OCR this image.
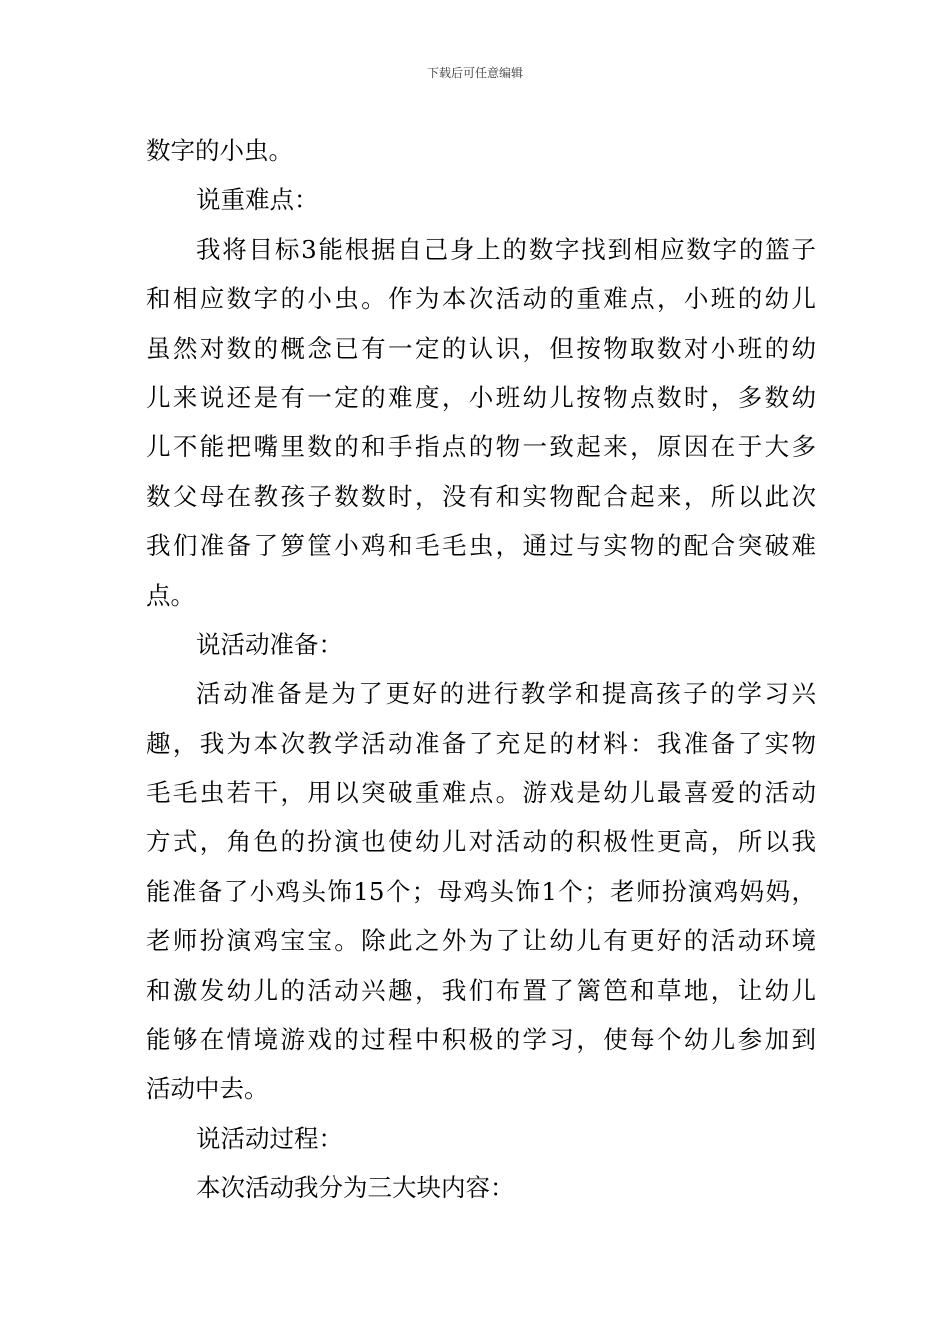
下载后可任意编辑
数字的小虫。
说重难点：
我将目标3能根据自己身上的数字找到相应数字的篮子
和相应数字的小虫。作为本次活动的重难点，小班的幼儿
虽然对数的概念已有一定的认识，但按物取数对小班的幼
儿来说还是有一定的难度，小班幼儿按物点数时，多数幼
儿不能把嘴里数的和手指点的物一致起来，原因在于大多
数父母在教孩子数数时，没有和实物配合起来，所以此次
我们准备了箩筐小鸡和毛毛虫，通过与实物的配合突破难
点。
说活动准备：
活动准备是为了更好的进行教学和提高孩子的学习兴
趣，我为本次教学活动准备了充足的材料：我准备了实物
毛毛虫若干，用以突破重难点。游戏是幼儿最喜爱的活动
方式，角色的扮演也使幼儿对活动的积极性更高，所以我
能准备了小鸡头饰15个；母鸡头饰1个；老师扮演鸡妈妈，
老师扮演鸡宝宝。除此之外为了让幼儿有更好的活动环境
和激发幼儿的活动兴趣，我们布置了篱笆和草地，让幼儿
能够在情境游戏的过程中积极的学习，使每个幼儿参加到
活动中去。
说活动过程：
本次活动我分为三大块内容：
